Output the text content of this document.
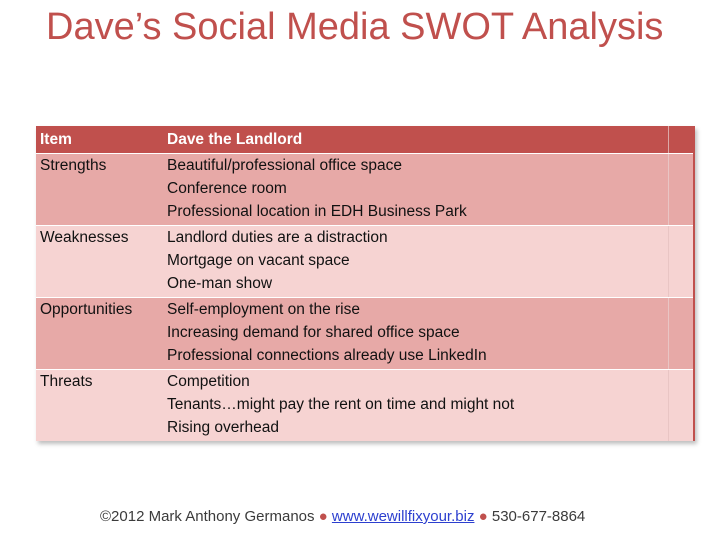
Dave’s Social Media SWOT Analysis
Item	Dave the Landlord
Strengths	Beautiful/professional office space
Conference room
Professional location in EDH Business Park
Weaknesses	Landlord duties are a distraction
Mortgage on vacant space
One-man show
Opportunities	Self-employment on the rise
Increasing demand for shared office space
Professional connections already use LinkedIn
Threats	Competition
Tenants…might pay the rent on time and might not
Rising overhead
©2012 Mark Anthony Germanos ● www.wewillfixyour.biz ● 530-677-8864
